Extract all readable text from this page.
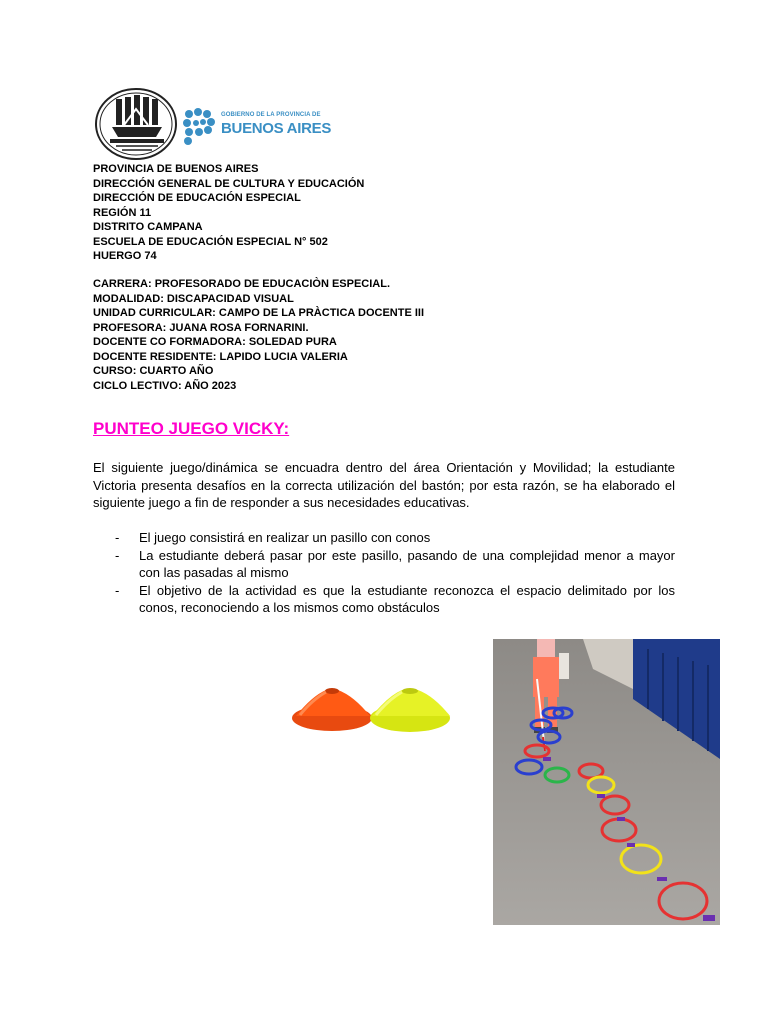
GOBIERNO DE LA PROVINCIA DE
BUENOS AIRES
PROVINCIA DE BUENOS AIRES
DIRECCIÓN GENERAL DE CULTURA Y EDUCACIÓN
DIRECCIÓN DE EDUCACIÓN ESPECIAL
REGIÓN 11
DISTRITO CAMPANA
ESCUELA DE EDUCACIÓN ESPECIAL N° 502
HUERGO 74
CARRERA: PROFESORADO DE EDUCACIÒN ESPECIAL.
MODALIDAD: DISCAPACIDAD VISUAL
UNIDAD CURRICULAR: CAMPO DE LA PRÀCTICA DOCENTE III
PROFESORA: JUANA ROSA FORNARINI.
DOCENTE CO FORMADORA: SOLEDAD PURA
DOCENTE RESIDENTE: LAPIDO LUCIA VALERIA
CURSO: CUARTO AÑO
CICLO LECTIVO: AÑO 2023
PUNTEO JUEGO VICKY:
El siguiente juego/dinámica se encuadra dentro del área Orientación y Movilidad; la estudiante Victoria presenta desafíos en la correcta utilización del bastón; por esta razón, se ha elaborado el siguiente juego a fin de responder a sus necesidades educativas.
- El juego consistirá en realizar un pasillo con conos
- La estudiante deberá pasar por este pasillo, pasando de una complejidad menor a mayor con las pasadas al mismo
- El objetivo de la actividad es que la estudiante reconozca el espacio delimitado por los conos, reconociendo a los mismos como obstáculos
